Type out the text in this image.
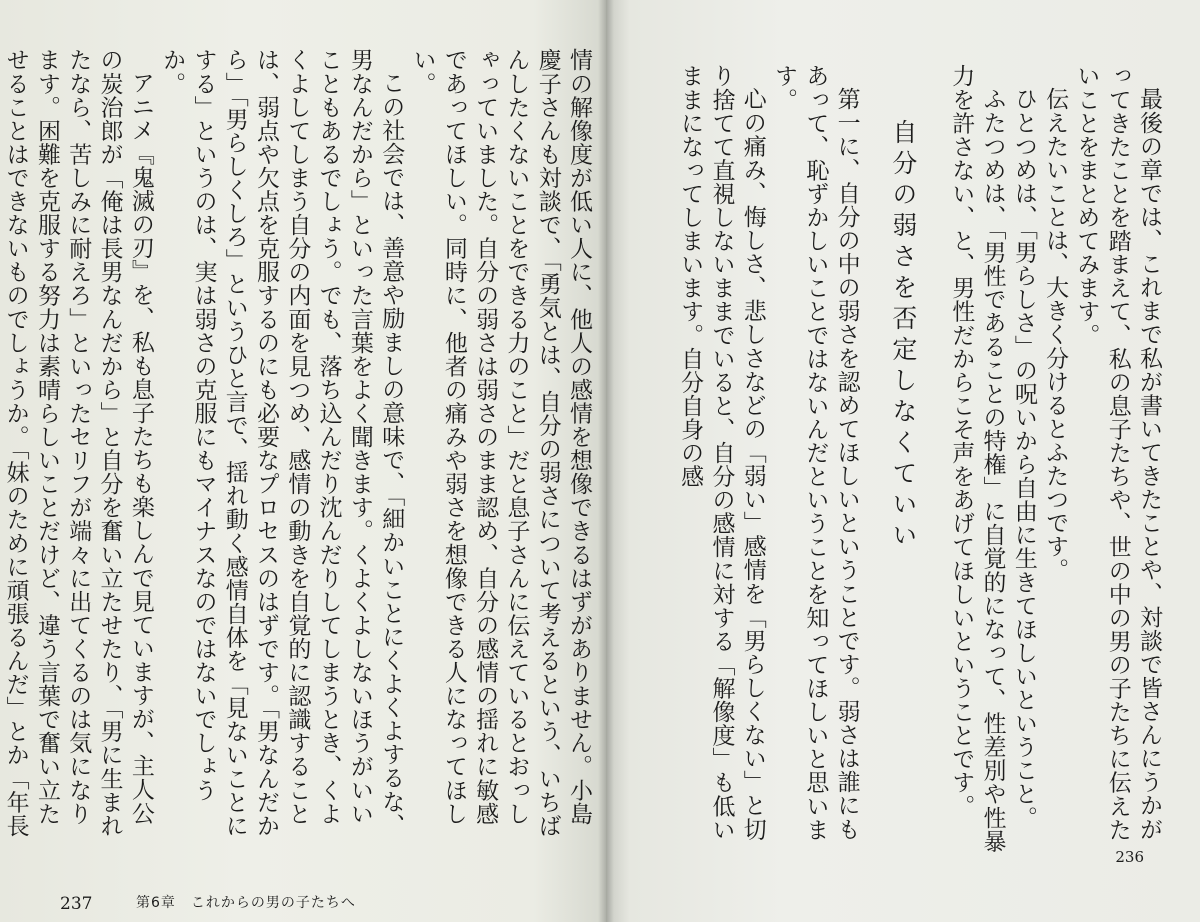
情の解像度が低い人に、他人の感情を想像できるはずがありません。小島慶子さんも対談で、「勇気とは、自分の弱さについて考えるという、いちばんしたくないことをできる力のこと」だと息子さんに伝えているとおっしゃっていました。自分の弱さは弱さのまま認め、自分の感情の揺れに敏感であってほしい。同時に、他者の痛みや弱さを想像できる人になってほしい。

この社会では、善意や励ましの意味で、「細かいことにくよくよするな、男なんだから」といった言葉をよく聞きます。くよくよしないほうがいいこともあるでしょう。でも、落ち込んだり沈んだりしてしまうとき、くよくよしてしまう自分の内面を見つめ、感情の動きを自覚的に認識することは、弱点や欠点を克服するのにも必要なプロセスのはずです。「男なんだから」「男らしくしろ」というひと言で、揺れ動く感情自体を「見ないことにする」というのは、実は弱さの克服にもマイナスなのではないでしょうか。

アニメ『鬼滅の刃』を、私も息子たちも楽しんで見ていますが、主人公の炭治郎が「俺は長男なんだから」と自分を奮い立たせたり、「男に生まれたなら、苦しみに耐えろ」といったセリフが端々に出てくるのは気になります。困難を克服する努力は素晴らしいことだけど、違う言葉で奮い立たせることはできないものでしょうか。「妹のために頑張るんだ」とか「年長

237	第6章　これからの男の子たちへ

最後の章では、これまで私が書いてきたことや、対談で皆さんにうかがってきたことを踏まえて、私の息子たちや、世の中の男の子たちに伝えたいことをまとめてみます。

伝えたいことは、大きく分けるとふたつです。

ひとつめは、「男らしさ」の呪いから自由に生きてほしいということ。

ふたつめは、「男性であることの特権」に自覚的になって、性差別や性暴力を許さない、と、男性だからこそ声をあげてほしいということです。

自分の弱さを否定しなくていい

第一に、自分の中の弱さを認めてほしいということです。弱さは誰にもあって、恥ずかしいことではないんだということを知ってほしいと思います。

心の痛み、悔しさ、悲しさなどの「弱い」感情を「男らしくない」と切り捨てて直視しないままでいると、自分の感情に対する「解像度」も低いままになってしまいます。自分自身の感

236
